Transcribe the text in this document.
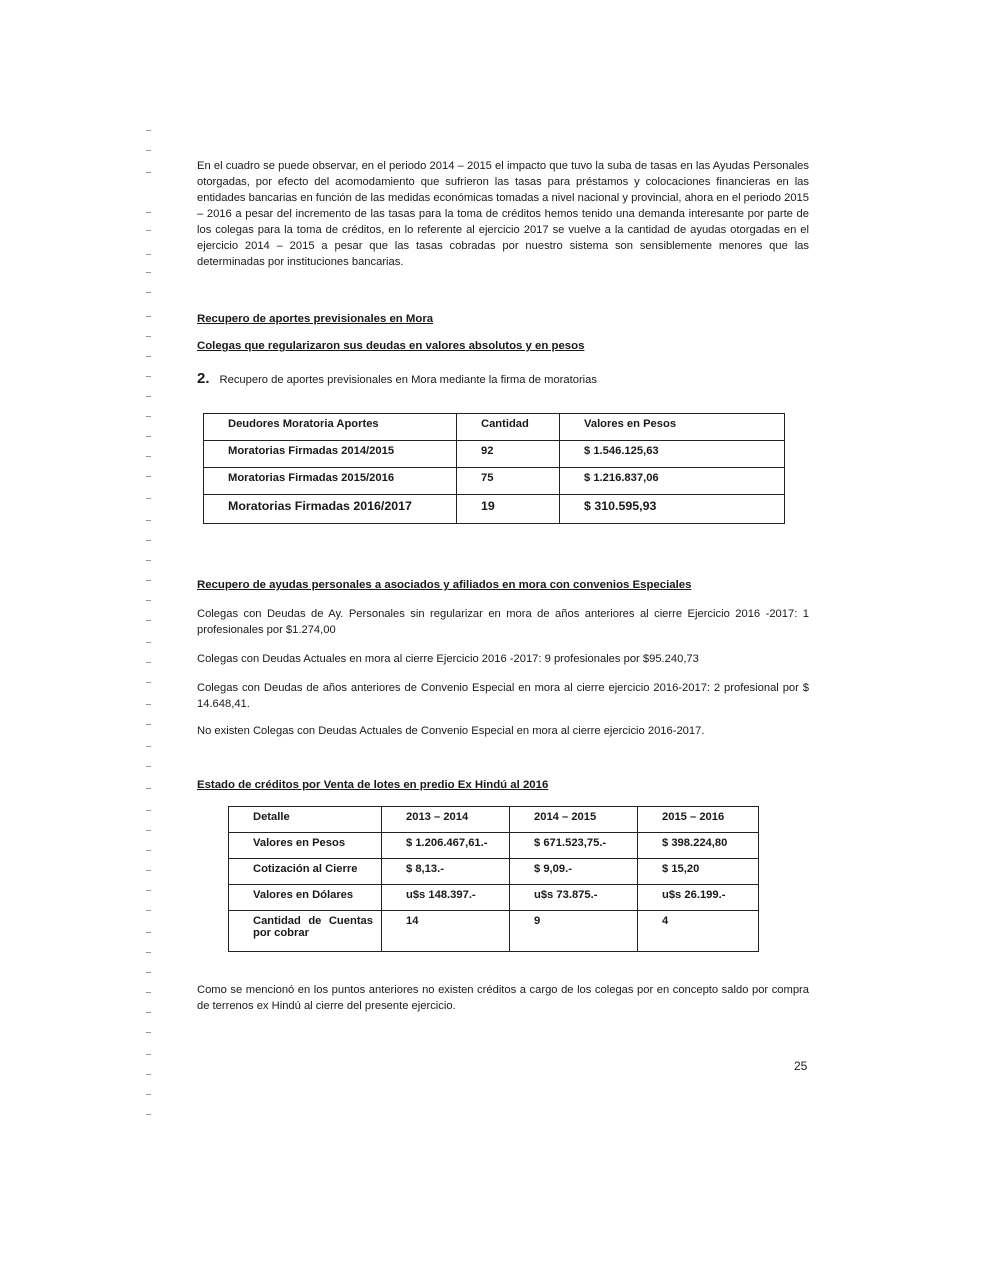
En el cuadro se puede observar, en el periodo 2014 – 2015 el impacto que tuvo la suba de tasas en las Ayudas Personales otorgadas, por efecto del acomodamiento que sufrieron las tasas para préstamos y colocaciones financieras en las entidades bancarias en función de las medidas económicas tomadas a nivel nacional y provincial, ahora en el periodo 2015 – 2016 a pesar del incremento de las tasas para la toma de créditos hemos tenido una demanda interesante por parte de los colegas para la toma de créditos, en lo referente al ejercicio 2017 se vuelve a la cantidad de ayudas otorgadas en el ejercicio 2014 – 2015 a pesar que las tasas cobradas por nuestro sistema son sensiblemente menores que las determinadas por instituciones bancarias.

Recupero de aportes previsionales en Mora
Colegas que regularizaron sus deudas en valores absolutos y en pesos
2. Recupero de aportes previsionales en Mora mediante la firma de moratorias
Deudores Moratoria Aportes	Cantidad	Valores en Pesos
Moratorias Firmadas 2014/2015	92	$ 1.546.125,63
Moratorias Firmadas 2015/2016	75	$ 1.216.837,06
Moratorias Firmadas 2016/2017	19	$ 310.595,93
Recupero de ayudas personales a asociados y afiliados en mora con convenios Especiales

Colegas con Deudas de Ay. Personales sin regularizar en mora de años anteriores al cierre Ejercicio 2016 -2017: 1 profesionales por $1.274,00

Colegas con Deudas Actuales en mora al cierre Ejercicio 2016 -2017: 9 profesionales por $95.240,73

Colegas con Deudas de años anteriores de Convenio Especial en mora al cierre ejercicio 2016-2017: 2 profesional por $ 14.648,41.

No existen Colegas con Deudas Actuales de Convenio Especial en mora al cierre ejercicio 2016-2017.

Estado de créditos por Venta de lotes en predio Ex Hindú al 2016
Detalle	2013 – 2014	2014 – 2015	2015 – 2016
Valores en Pesos	$ 1.206.467,61.-	$ 671.523,75.-	$ 398.224,80
Cotización al Cierre	$ 8,13.-	$ 9,09.-	$ 15,20
Valores en Dólares	u$s 148.397.-	u$s 73.875.-	u$s 26.199.-
Cantidad de Cuentas por cobrar	14	9	4

Como se mencionó en los puntos anteriores no existen créditos a cargo de los colegas por en concepto saldo por compra de terrenos ex Hindú al cierre del presente ejercicio.

25
